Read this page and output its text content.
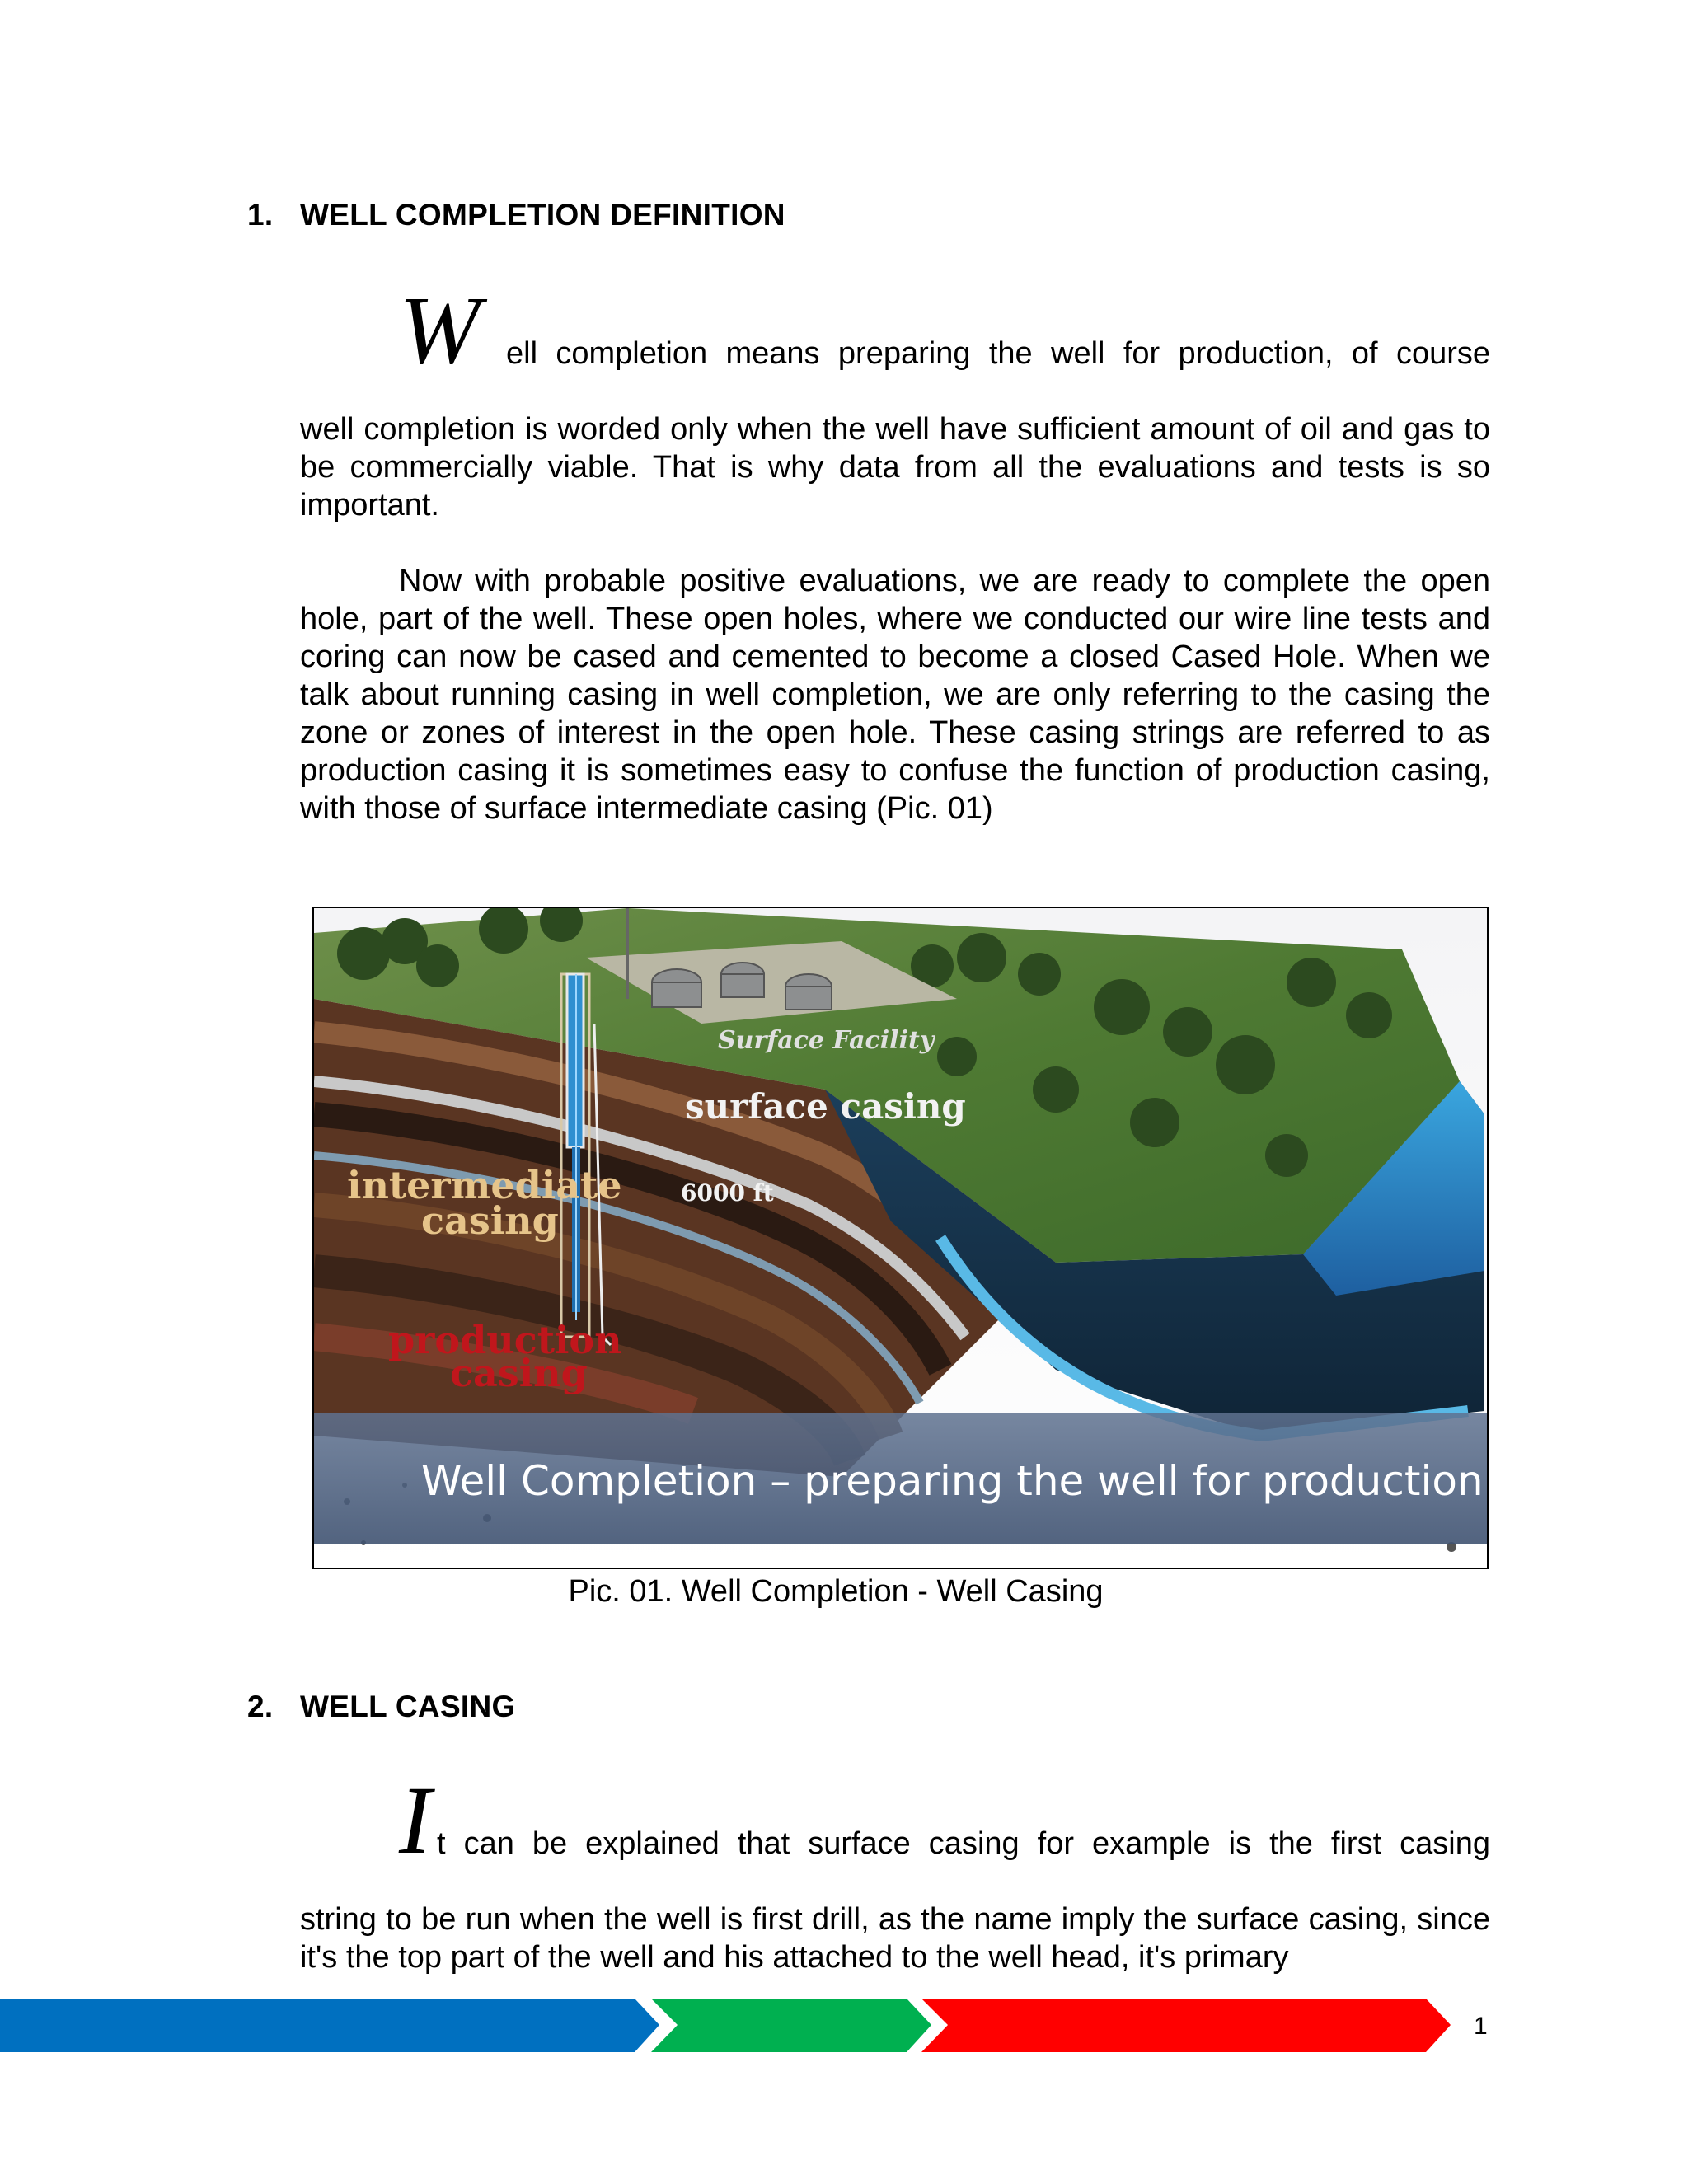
1. WELL COMPLETION DEFINITION
W ell completion means preparing the well for production, of course

well completion is worded only when the well have sufficient amount of oil and gas to be commercially viable. That is why data from all the evaluations and tests is so important.

Now with probable positive evaluations, we are ready to complete the open hole, part of the well. These open holes, where we conducted our wire line tests and coring can now be cased and cemented to become a closed Cased Hole. When we talk about running casing in well completion, we are only referring to the casing the zone or zones of interest in the open hole. These casing strings are referred to as production casing it is sometimes easy to confuse the function of production casing, with those of surface intermediate casing (Pic. 01)

Surface Facility
surface casing
6000 ft
intermediate
casing
production
casing
Well Completion – preparing the well for production
Pic. 01. Well Completion - Well Casing
2. WELL CASING
I t can be explained that surface casing for example is the first casing

string to be run when the well is first drill, as the name imply the surface casing, since it's the top part of the well and his attached to the well head, it's primary

1
